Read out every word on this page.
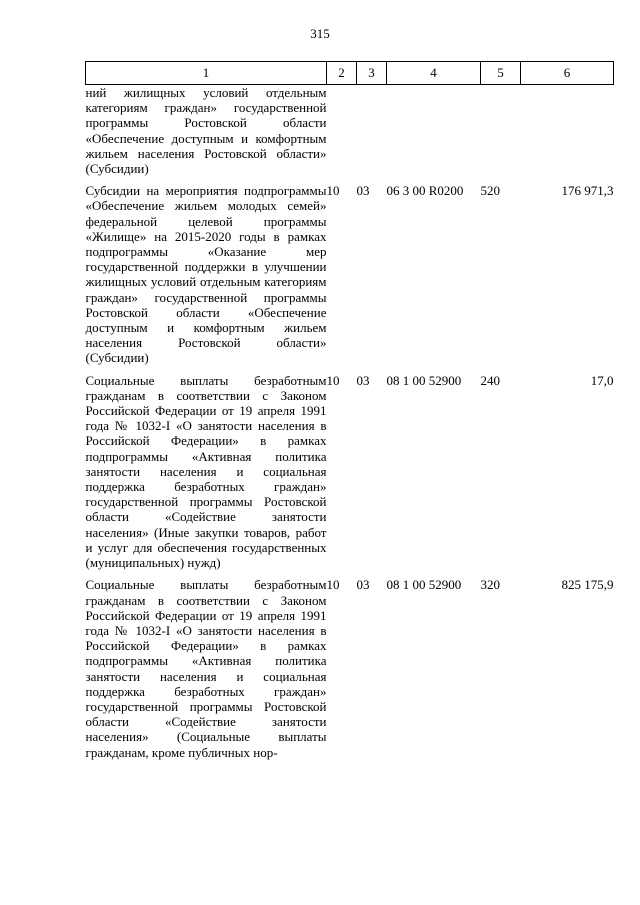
315
1	2	3	4	5	6
ний жилищных условий отдельным категориям граждан» государственной программы Ростовской области «Обеспечение доступным и комфортным жильем населения Ростовской области» (Субсидии)					
Субсидии на мероприятия подпрограммы «Обеспечение жильем молодых семей» федеральной целевой программы «Жилище» на 2015-2020 годы в рамках подпрограммы «Оказание мер государственной поддержки в улучшении жилищных условий отдельным категориям граждан» государственной программы Ростовской области «Обеспечение доступным и комфортным жильем населения Ростовской области» (Субсидии)	10	03	06 3 00 R0200	520	176 971,3
Социальные выплаты безработным гражданам в соответствии с Законом Российской Федерации от 19 апреля 1991 года № 1032-I «О занятости населения в Российской Федерации» в рамках подпрограммы «Активная политика занятости населения и социальная поддержка безработных граждан» государственной программы Ростовской области «Содействие занятости населения» (Иные закупки товаров, работ и услуг для обеспечения государственных (муниципальных) нужд)	10	03	08 1 00 52900	240	17,0
Социальные выплаты безработным гражданам в соответствии с Законом Российской Федерации от 19 апреля 1991 года № 1032-I «О занятости населения в Российской Федерации» в рамках подпрограммы «Активная политика занятости населения и социальная поддержка безработных граждан» государственной программы Ростовской области «Содействие занятости населения» (Социальные выплаты гражданам, кроме публичных нор-	10	03	08 1 00 52900	320	825 175,9
